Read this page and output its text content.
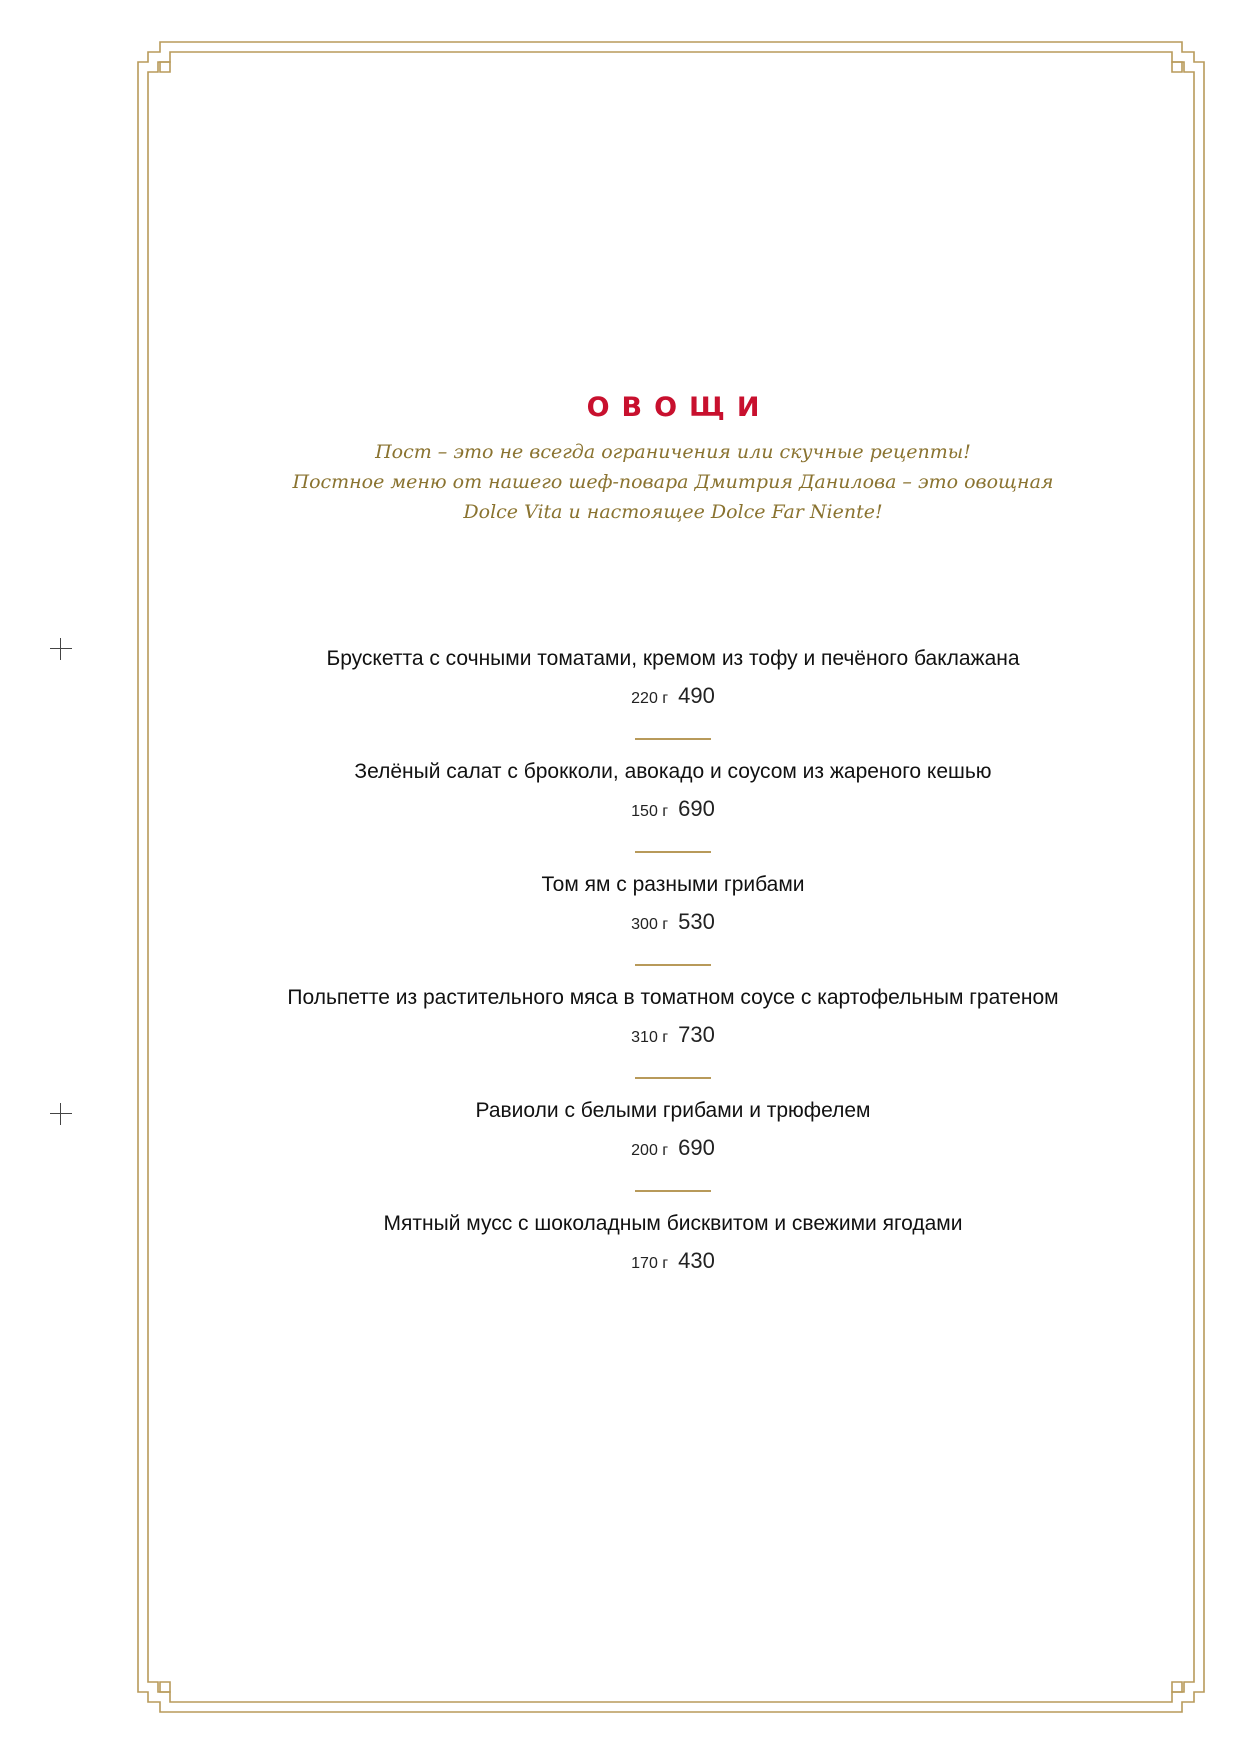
ОВОЩИ
Пост – это не всегда ограничения или скучные рецепты!
Постное меню от нашего шеф-повара Дмитрия Данилова – это овощная
Dolce Vita и настоящее Dolce Far Niente!
Брускетта с сочными томатами, кремом из тофу и печёного баклажана
220 г 490
Зелёный салат с брокколи, авокадо и соусом из жареного кешью
150 г 690
Том ям с разными грибами
300 г 530
Польпетте из растительного мяса в томатном соусе с картофельным гратеном
310 г 730
Равиоли с белыми грибами и трюфелем
200 г 690
Мятный мусс с шоколадным бисквитом и свежими ягодами
170 г 430
